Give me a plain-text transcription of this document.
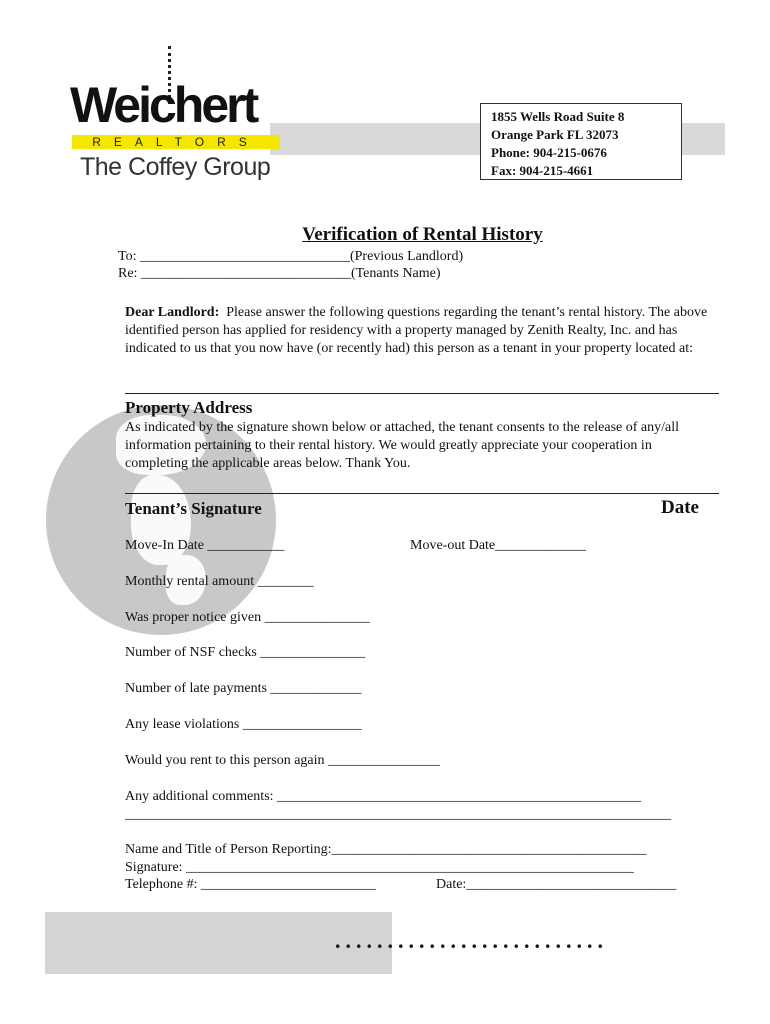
Weichert
REALTORS
The Coffey Group
1855 Wells Road Suite 8
Orange Park FL 32073
Phone: 904-215-0676
Fax: 904-215-4661
Verification of Rental History
To: ______________________________(Previous Landlord)
Re: ______________________________(Tenants Name)
Dear Landlord: Please answer the following questions regarding the tenant’s rental history. The above identified person has applied for residency with a property managed by Zenith Realty, Inc. and has indicated to us that you now have (or recently had) this person as a tenant in your property located at:
Property Address
As indicated by the signature shown below or attached, the tenant consents to the release of any/all information pertaining to their rental history. We would greatly appreciate your cooperation in completing the applicable areas below. Thank You.
Tenant’s Signature	Date
Move-In Date ___________	Move-out Date_____________
Monthly rental amount ________
Was proper notice given _______________
Number of NSF checks _______________
Number of late payments _____________
Any lease violations _________________
Would you rent to this person again ________________
Any additional comments: ____________________________________________________
______________________________________________________________________________
Name and Title of Person Reporting:_____________________________________________
Signature: ________________________________________________________________
Telephone #: _________________________	Date:______________________________
..........................
